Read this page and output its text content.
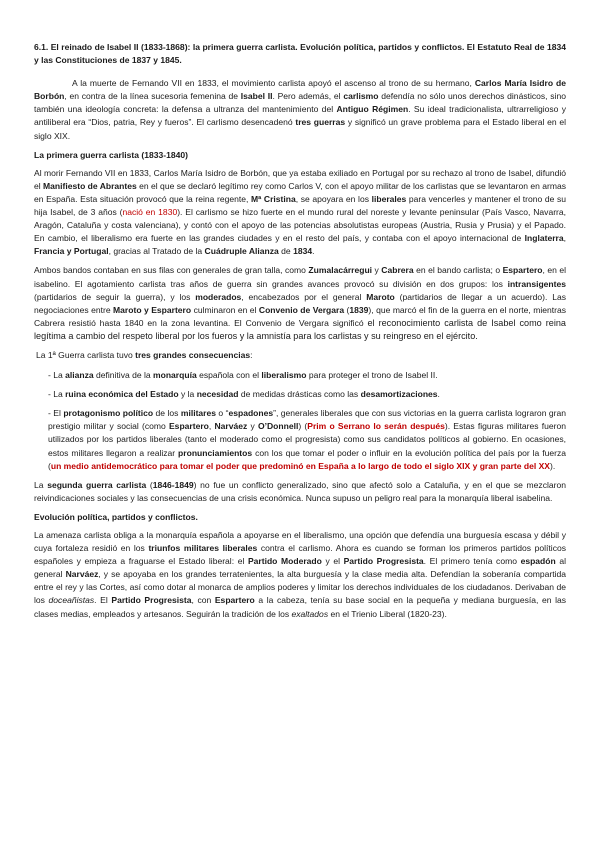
6.1. El reinado de Isabel II (1833-1868): la primera guerra carlista. Evolución política, partidos y conflictos. El Estatuto Real de 1834 y las Constituciones de 1837 y 1845.

A la muerte de Fernando VII en 1833, el movimiento carlista apoyó el ascenso al trono de su hermano, Carlos María Isidro de Borbón, en contra de la línea sucesoria femenina de Isabel II. Pero además, el carlismo defendía no sólo unos derechos dinásticos, sino también una ideología concreta: la defensa a ultranza del mantenimiento del Antiguo Régimen. Su ideal tradicionalista, ultrarreligioso y antiliberal era “Dios, patria, Rey y fueros”. El carlismo desencadenó tres guerras y significó un grave problema para el Estado liberal en el siglo XIX.

La primera guerra carlista (1833-1840)

Al morir Fernando VII en 1833, Carlos María Isidro de Borbón, que ya estaba exiliado en Portugal por su rechazo al trono de Isabel, difundió el Manifiesto de Abrantes en el que se declaró legítimo rey como Carlos V, con el apoyo militar de los carlistas que se levantaron en armas en España. Esta situación provocó que la reina regente, Mª Cristina, se apoyara en los liberales para vencerles y mantener el trono de su hija Isabel, de 3 años (nació en 1830). El carlismo se hizo fuerte en el mundo rural del noreste y levante peninsular (País Vasco, Navarra, Aragón, Cataluña y costa valenciana), y contó con el apoyo de las potencias absolutistas europeas (Austria, Rusia y Prusia) y el Papado. En cambio, el liberalismo era fuerte en las grandes ciudades y en el resto del país, y contaba con el apoyo internacional de Inglaterra, Francia y Portugal, gracias al Tratado de la Cuádruple Alianza de 1834.

Ambos bandos contaban en sus filas con generales de gran talla, como Zumalacárregui y Cabrera en el bando carlista; o Espartero, en el isabelino. El agotamiento carlista tras años de guerra sin grandes avances provocó su división en dos grupos: los intransigentes (partidarios de seguir la guerra), y los moderados, encabezados por el general Maroto (partidarios de llegar a un acuerdo). Las negociaciones entre Maroto y Espartero culminaron en el Convenio de Vergara (1839), que marcó el fin de la guerra en el norte, mientras Cabrera resistió hasta 1840 en la zona levantina. El Convenio de Vergara significó el reconocimiento carlista de Isabel como reina legítima a cambio del respeto liberal por los fueros y la amnistía para los carlistas y su reingreso en el ejército.

La 1ª Guerra carlista tuvo tres grandes consecuencias:

- La alianza definitiva de la monarquía española con el liberalismo para proteger el trono de Isabel II.

- La ruina económica del Estado y la necesidad de medidas drásticas como las desamortizaciones.

- El protagonismo político de los militares o “espadones”, generales liberales que con sus victorias en la guerra carlista lograron gran prestigio militar y social (como Espartero, Narváez y O’Donnell) (Prim o Serrano lo serán después). Estas figuras militares fueron utilizados por los partidos liberales (tanto el moderado como el progresista) como sus candidatos políticos al gobierno. En ocasiones, estos militares llegaron a realizar pronunciamientos con los que tomar el poder o influir en la evolución política del país por la fuerza (un medio antidemocrático para tomar el poder que predominó en España a lo largo de todo el siglo XIX y gran parte del XX).

La segunda guerra carlista (1846-1849) no fue un conflicto generalizado, sino que afectó solo a Cataluña, y en el que se mezclaron reivindicaciones sociales y las consecuencias de una crisis económica. Nunca supuso un peligro real para la monarquía liberal isabelina.

Evolución política, partidos y conflictos.

La amenaza carlista obliga a la monarquía española a apoyarse en el liberalismo, una opción que defendía una burguesía escasa y débil y cuya fortaleza residió en los triunfos militares liberales contra el carlismo. Ahora es cuando se forman los primeros partidos políticos españoles y empieza a fraguarse el Estado liberal: el Partido Moderado y el Partido Progresista. El primero tenía como espadón al general Narváez, y se apoyaba en los grandes terratenientes, la alta burguesía y la clase media alta. Defendían la soberanía compartida entre el rey y las Cortes, así como dotar al monarca de amplios poderes y limitar los derechos individuales de los ciudadanos. Derivaban de los doceañistas. El Partido Progresista, con Espartero a la cabeza, tenía su base social en la pequeña y mediana burguesía, en las clases medias, empleados y artesanos. Seguirán la tradición de los exaltados en el Trienio Liberal (1820-23).
